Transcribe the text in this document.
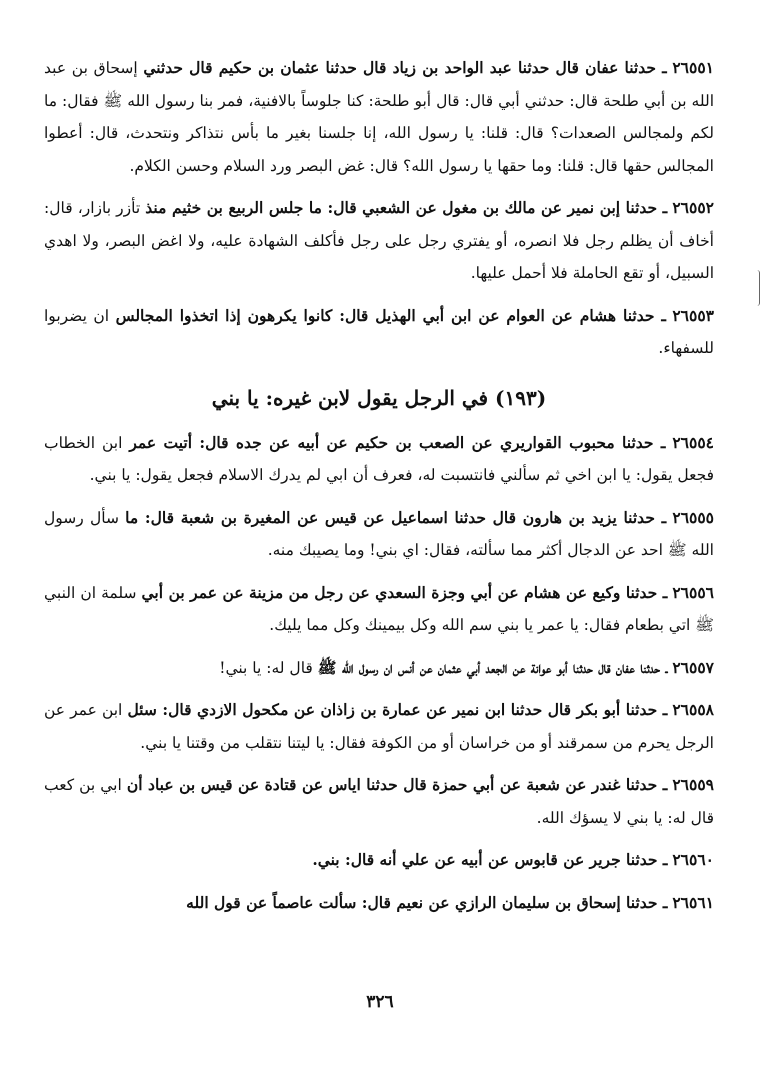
٢٦٥٥١ ـ حدثنا عفان قال حدثنا عبد الواحد بن زياد قال حدثنا عثمان بن حكيم قال حدثني إسحاق بن عبد الله بن أبي طلحة قال: حدثني أبي قال: قال أبو طلحة: كنا جلوساً بالافنية، فمر بنا رسول الله ﷺ فقال: ما لكم ولمجالس الصعدات؟ قال: قلنا: يا رسول الله، إنا جلسنا بغير ما بأس نتذاكر ونتحدث، قال: أعطوا المجالس حقها قال: قلنا: وما حقها يا رسول الله؟ قال: غض البصر ورد السلام وحسن الكلام.

٢٦٥٥٢ ـ حدثنا إبن نمير عن مالك بن مغول عن الشعبي قال: ما جلس الربيع بن خثيم منذ تأزر بازار، قال: أخاف أن يظلم رجل فلا انصره، أو يفتري رجل على رجل فأكلف الشهادة عليه، ولا اغض البصر، ولا اهدي السبيل، أو تقع الحاملة فلا أحمل عليها.

٢٦٥٥٣ ـ حدثنا هشام عن العوام عن ابن أبي الهذيل قال: كانوا يكرهون إذا اتخذوا المجالس ان يضربوا للسفهاء.

(١٩٣) في الرجل يقول لابن غيره: يا بني

٢٦٥٥٤ ـ حدثنا محبوب القواريري عن الصعب بن حكيم عن أبيه عن جده قال: أتيت عمر ابن الخطاب فجعل يقول: يا ابن اخي ثم سألني فانتسبت له، فعرف أن ابي لم يدرك الاسلام فجعل يقول: يا بني.

٢٦٥٥٥ ـ حدثنا يزيد بن هارون قال حدثنا اسماعيل عن قيس عن المغيرة بن شعبة قال: ما سأل رسول الله ﷺ احد عن الدجال أكثر مما سألته، فقال: اي بني! وما يصيبك منه.

٢٦٥٥٦ ـ حدثنا وكيع عن هشام عن أبي وجزة السعدي عن رجل من مزينة عن عمر بن أبي سلمة ان النبي ﷺ اتي بطعام فقال: يا عمر يا بني سم الله وكل بيمينك وكل مما يليك.

٢٦٥٥٧ ـ حدثنا عفان قال حدثنا أبو عوانة عن الجعد أبي عثمان عن أنس ان رسول الله ﷺ قال له: يا بني!

٢٦٥٥٨ ـ حدثنا أبو بكر قال حدثنا ابن نمير عن عمارة بن زاذان عن مكحول الازدي قال: سئل ابن عمر عن الرجل يحرم من سمرقند أو من خراسان أو من الكوفة فقال: يا ليتنا نتقلب من وقتنا يا بني.

٢٦٥٥٩ ـ حدثنا غندر عن شعبة عن أبي حمزة قال حدثنا اياس عن قتادة عن قيس بن عباد أن ابي بن كعب قال له: يا بني لا يسؤك الله.

٢٦٥٦٠ ـ حدثنا جرير عن قابوس عن أبيه عن علي أنه قال: بني.

٢٦٥٦١ ـ حدثنا إسحاق بن سليمان الرازي عن نعيم قال: سألت عاصماً عن قول الله

٣٢٦
